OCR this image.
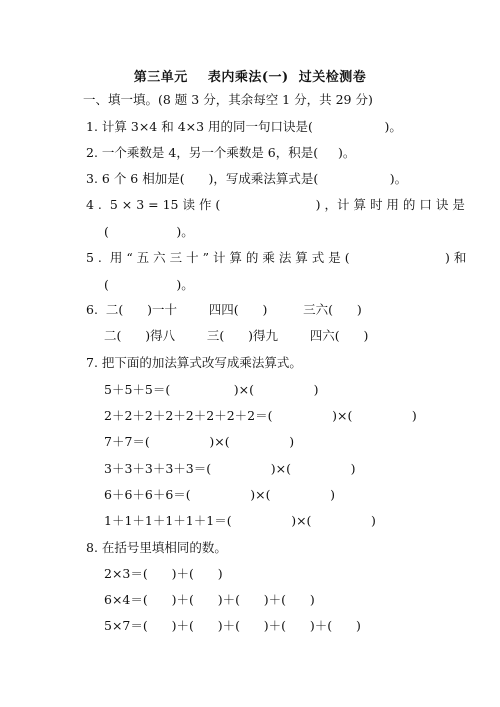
第三单元    表内乘法(一)  过关检测卷
一、填一填。(8 题 3 分，其余每空 1 分，共 29 分)
1. 计算 3×4 和 4×3 用的同一句口诀是(                  )。
2. 一个乘数是 4，另一个乘数是 6，积是(     )。
3. 6 个 6 相加是(      )，写成乘法算式是(                  )。
4 .  5 × 3 = 15 读 作 (                        ) ，计 算 时 用 的 口 诀 是
(                 )。
5 .  用 “ 五 六 三 十 ” 计 算 的 乘 法 算 式 是 (                        ) 和
(                 )。
6.  二(      )一十        四四(      )         三六(      )
二(      )得八        三(      )得九        四六(      )
7. 把下面的加法算式改写成乘法算式。
5＋5＋5＝(                )×(               )
2＋2＋2＋2＋2＋2＋2＋2＝(               )×(               )
7＋7＝(               )×(               )
3＋3＋3＋3＋3＝(               )×(               )
6＋6＋6＋6＝(               )×(               )
1＋1＋1＋1＋1＋1＝(               )×(               )
8. 在括号里填相同的数。
2×3＝(      )＋(      )
6×4＝(      )＋(      )＋(      )＋(      )
5×7＝(      )＋(      )＋(      )＋(      )＋(      )
